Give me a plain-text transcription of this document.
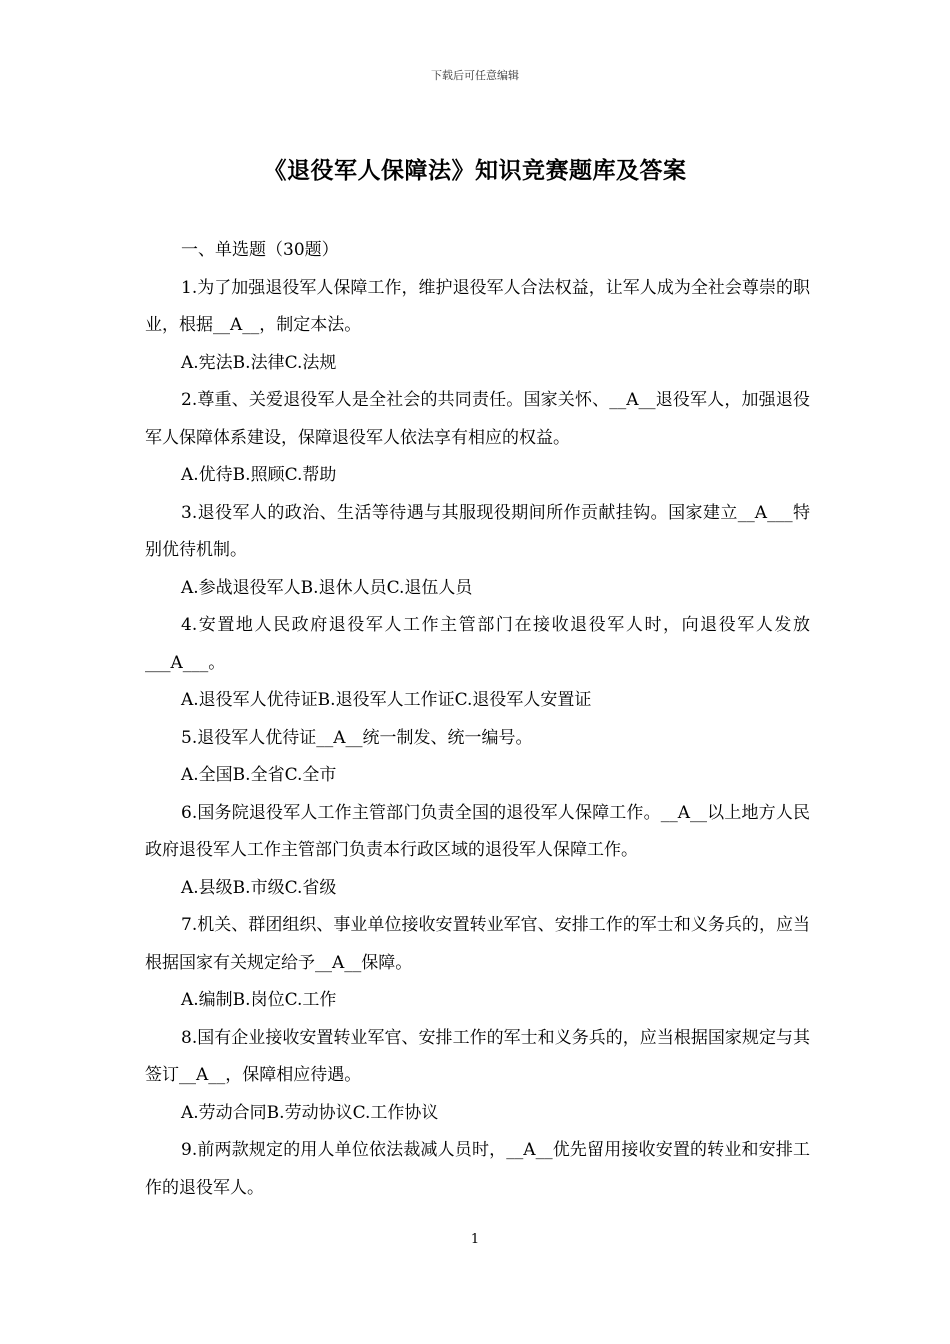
下载后可任意编辑
《退役军人保障法》知识竞赛题库及答案

一、单选题（30题）

1.为了加强退役军人保障工作，维护退役军人合法权益，让军人成为全社会尊崇的职业，根据__A__，制定本法。

A.宪法B.法律C.法规

2.尊重、关爱退役军人是全社会的共同责任。国家关怀、__A__退役军人，加强退役军人保障体系建设，保障退役军人依法享有相应的权益。

A.优待B.照顾C.帮助

3.退役军人的政治、生活等待遇与其服现役期间所作贡献挂钩。国家建立__A___特别优待机制。

A.参战退役军人B.退休人员C.退伍人员

4.安置地人民政府退役军人工作主管部门在接收退役军人时，向退役军人发放___A___。

A.退役军人优待证B.退役军人工作证C.退役军人安置证

5.退役军人优待证__A__统一制发、统一编号。

A.全国B.全省C.全市

6.国务院退役军人工作主管部门负责全国的退役军人保障工作。__A__以上地方人民政府退役军人工作主管部门负责本行政区域的退役军人保障工作。

A.县级B.市级C.省级

7.机关、群团组织、事业单位接收安置转业军官、安排工作的军士和义务兵的，应当根据国家有关规定给予__A__保障。

A.编制B.岗位C.工作

8.国有企业接收安置转业军官、安排工作的军士和义务兵的，应当根据国家规定与其签订__A__，保障相应待遇。

A.劳动合同B.劳动协议C.工作协议

9.前两款规定的用人单位依法裁减人员时，__A__优先留用接收安置的转业和安排工作的退役军人。

1
